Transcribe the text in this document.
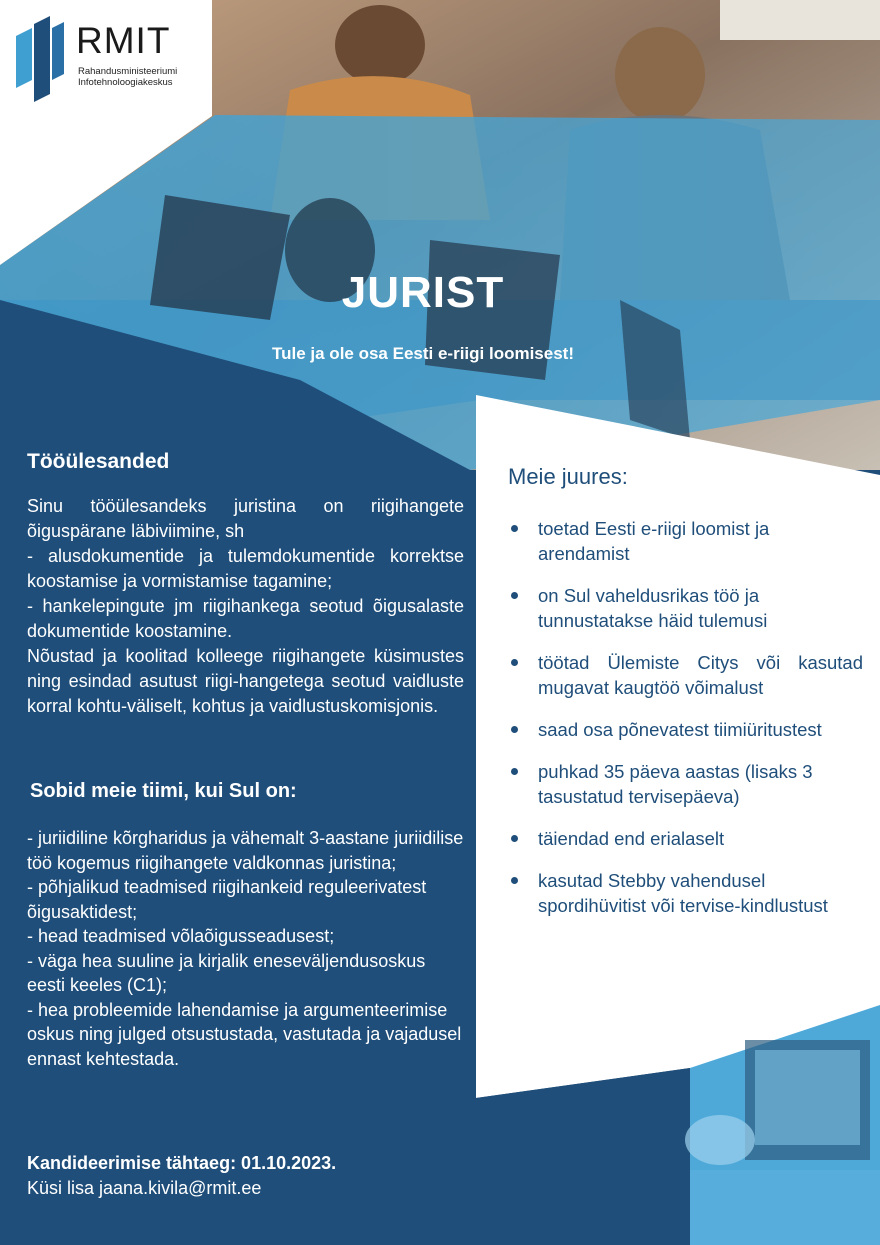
RMIT
Rahandusministeeriumi
Infotehnoloogiakeskus
JURIST
Tule ja ole osa Eesti e-riigi loomisest!
Tööülesanded

Sinu tööülesandeks juristina on riigihangete õiguspärane läbiviimine, sh

- alusdokumentide ja tulemdokumentide korrektse koostamise ja vormistamise tagamine;

- hankelepingute jm riigihankega seotud õigusalaste dokumentide koostamine.

Nõustad ja koolitad kolleege riigihangete küsimustes ning esindad asutust riigi-hangetega seotud vaidluste korral kohtu-väliselt, kohtus ja vaidlustuskomisjonis.

Sobid meie tiimi, kui Sul on:

- juriidiline kõrgharidus ja vähemalt 3-aastane juriidilise töö kogemus riigihangete valdkonnas juristina;

- põhjalikud teadmised riigihankeid reguleerivatest õigusaktidest;

- head teadmised võlaõigusseadusest;

- väga hea suuline ja kirjalik eneseväljendusoskus eesti keeles (C1);

- hea probleemide lahendamise ja argumenteerimise oskus ning julged otsustustada, vastutada ja vajadusel ennast kehtestada.

Kandideerimise tähtaeg: 01.10.2023.
Küsi lisa jaana.kivila@rmit.ee
Meie juures:
toetad Eesti e-riigi loomist ja arendamist
on Sul vaheldusrikas töö ja tunnustatakse häid tulemusi
töötad Ülemiste Citys või kasutad mugavat kaugtöö võimalust
saad osa põnevatest tiimiüritustest
puhkad 35 päeva aastas (lisaks 3 tasustatud tervisepäeva)
täiendad end erialaselt
kasutad Stebby vahendusel spordihüvitist või tervise-kindlustust
